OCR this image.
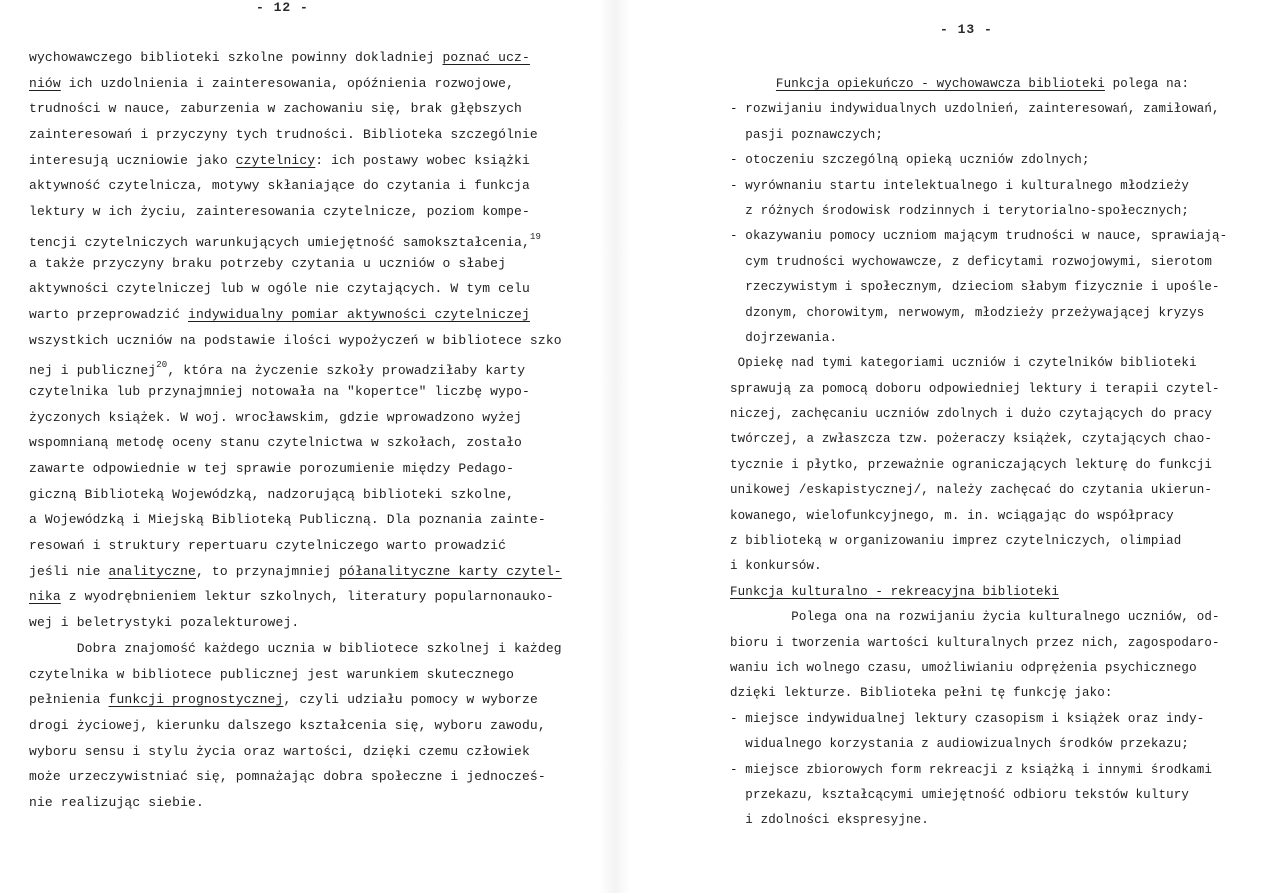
- 12 -
wychowawczego biblioteki szkolne powinny dokladniej poznać ucz-
niów ich uzdolnienia i zainteresowania, opóźnienia rozwojowe,
trudności w nauce, zaburzenia w zachowaniu się, brak głębszych
zainteresowań i przyczyny tych trudności. Biblioteka szczególnie
interesują uczniowie jako czytelnicy: ich postawy wobec książki
aktywność czytelnicza, motywy skłaniające do czytania i funkcja
lektury w ich życiu, zainteresowania czytelnicze, poziom kompe-
tencji czytelniczych warunkujących umiejętność samokształcenia,$^{19}$
a także przyczyny braku potrzeby czytania u uczniów o słabej
aktywności czytelniczej lub w ogóle nie czytających. W tym celu
warto przeprowadzić indywidualny pomiar aktywności czytelniczej
wszystkich uczniów na podstawie ilości wypożyczeń w bibliotece szko
nej i publicznej$^{20}$, która na życzenie szkoły prowadziłaby karty
czytelnika lub przynajmniej notowała na "kopertce" liczbę wypo-
życzonych książek. W woj. wrocławskim, gdzie wprowadzono wyżej
wspomnianą metodę oceny stanu czytelnictwa w szkołach, zostało
zawarte odpowiednie w tej sprawie porozumienie między Pedago-
giczną Biblioteką Wojewódzką, nadzorującą biblioteki szkolne,
a Wojewódzką i Miejską Biblioteką Publiczną. Dla poznania zainte-
resowań i struktury repertuaru czytelniczego warto prowadzić
jeśli nie analityczne, to przynajmniej półanalityczne karty czytel-
nika z wyodrębnieniem lektur szkolnych, literatury popularnonauko-
wej i beletrystyki pozalekturowej.
Dobra znajomość każdego ucznia w bibliotece szkolnej i każdeg
czytelnika w bibliotece publicznej jest warunkiem skutecznego
pełnienia funkcji prognostycznej, czyli udziału pomocy w wyborze
drogi życiowej, kierunku dalszego kształcenia się, wyboru zawodu,
wyboru sensu i stylu życia oraz wartości, dzięki czemu człowiek
może urzeczywistniać się, pomnażając dobra społeczne i jednocześ-
nie realizując siebie.
- 13 -
Funkcja opiekuńczo - wychowawcza biblioteki polega na:
- rozwijaniu indywidualnych uzdolnień, zainteresowań, zamiłowań,
pasji poznawczych;
- otoczeniu szczególną opieką uczniów zdolnych;
- wyrównaniu startu intelektualnego i kulturalnego młodzieży
z różnych środowisk rodzinnych i terytorialno-społecznych;
- okazywaniu pomocy uczniom mającym trudności w nauce, sprawiają-
cym trudności wychowawcze, z deficytami rozwojowymi, sierotom
rzeczywistym i społecznym, dzieciom słabym fizycznie i upośle-
dzonym, chorowitym, nerwowym, młodzieży przeżywającej kryzys
dojrzewania.
Opiekę nad tymi kategoriami uczniów i czytelników biblioteki
sprawują za pomocą doboru odpowiedniej lektury i terapii czytel-
niczej, zachęcaniu uczniów zdolnych i dużo czytających do pracy
twórczej, a zwłaszcza tzw. pożeraczy książek, czytających chao-
tycznie i płytko, przeważnie ograniczających lekturę do funkcji
unikowej /eskapistycznej/, należy zachęcać do czytania ukierun-
kowanego, wielofunkcyjnego, m. in. wciągając do współpracy
z biblioteką w organizowaniu imprez czytelniczych, olimpiad
i konkursów.
Funkcja kulturalno - rekreacyjna biblioteki
Polega ona na rozwijaniu życia kulturalnego uczniów, od-
bioru i tworzenia wartości kulturalnych przez nich, zagospodaro-
waniu ich wolnego czasu, umożliwianiu odprężenia psychicznego
dzięki lekturze. Biblioteka pełni tę funkcję jako:
- miejsce indywidualnej lektury czasopism i książek oraz indy-
widualnego korzystania z audiowizualnych środków przekazu;
- miejsce zbiorowych form rekreacji z książką i innymi środkami
przekazu, kształcącymi umiejętność odbioru tekstów kultury
i zdolności ekspresyjne.
